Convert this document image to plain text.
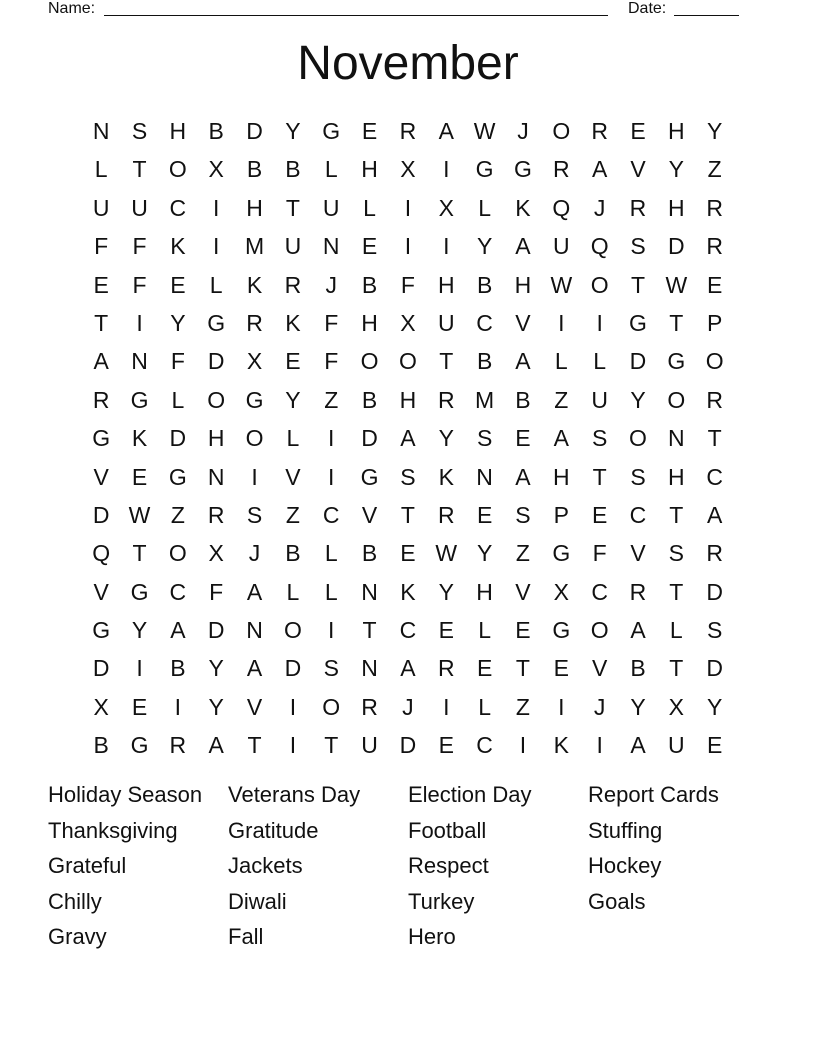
Name:	Date:
November
N S H B D Y G E R A W J	O R E H Y
L	T O X	B	B	L	H X	I	G G R A	V	Y	Z
U U C	I	H	T	U	L	I	X	L	K Q	J	R H R
F	F	K	I	M U N E	I	I	Y	A U Q S D R
E	F	E	L	K R	J	B	F	H B H W O T W E
T	I	Y G R K	F	H X U C V	I	I	G T	P
A N	F	D X	E	F O O T	B	A	L	L	D G O
R G	L	O G Y	Z	B H R M B	Z	U Y O R
G K D H O	L	I	D A	Y	S	E	A	S O N	T
V	E G N	I	V	I	G S	K N A H	T	S H C
D W Z	R S	Z	C V	T	R E	S	P	E C	T	A
Q T O X	J	B	L	B	E W Y	Z G F	V	S R
V G C	F	A	L	L	N K	Y H V	X C R	T	D
G Y	A D N O	I	T	C E	L	E G O A	L	S
D	I	B	Y	A D S N A R E	T	E	V	B	T	D
X	E	I	Y	V	I	O R	J	I	L	Z	I	J	Y	X	Y
B G R A	T	I	T	U D E C	I	K	I	A U E
Holiday Season	Veterans Day	Election Day	Report Cards
Thanksgiving	Gratitude	Football	Stuffing
Grateful	Jackets	Respect	Hockey
Chilly	Diwali	Turkey	Goals
Gravy	Fall	Hero
